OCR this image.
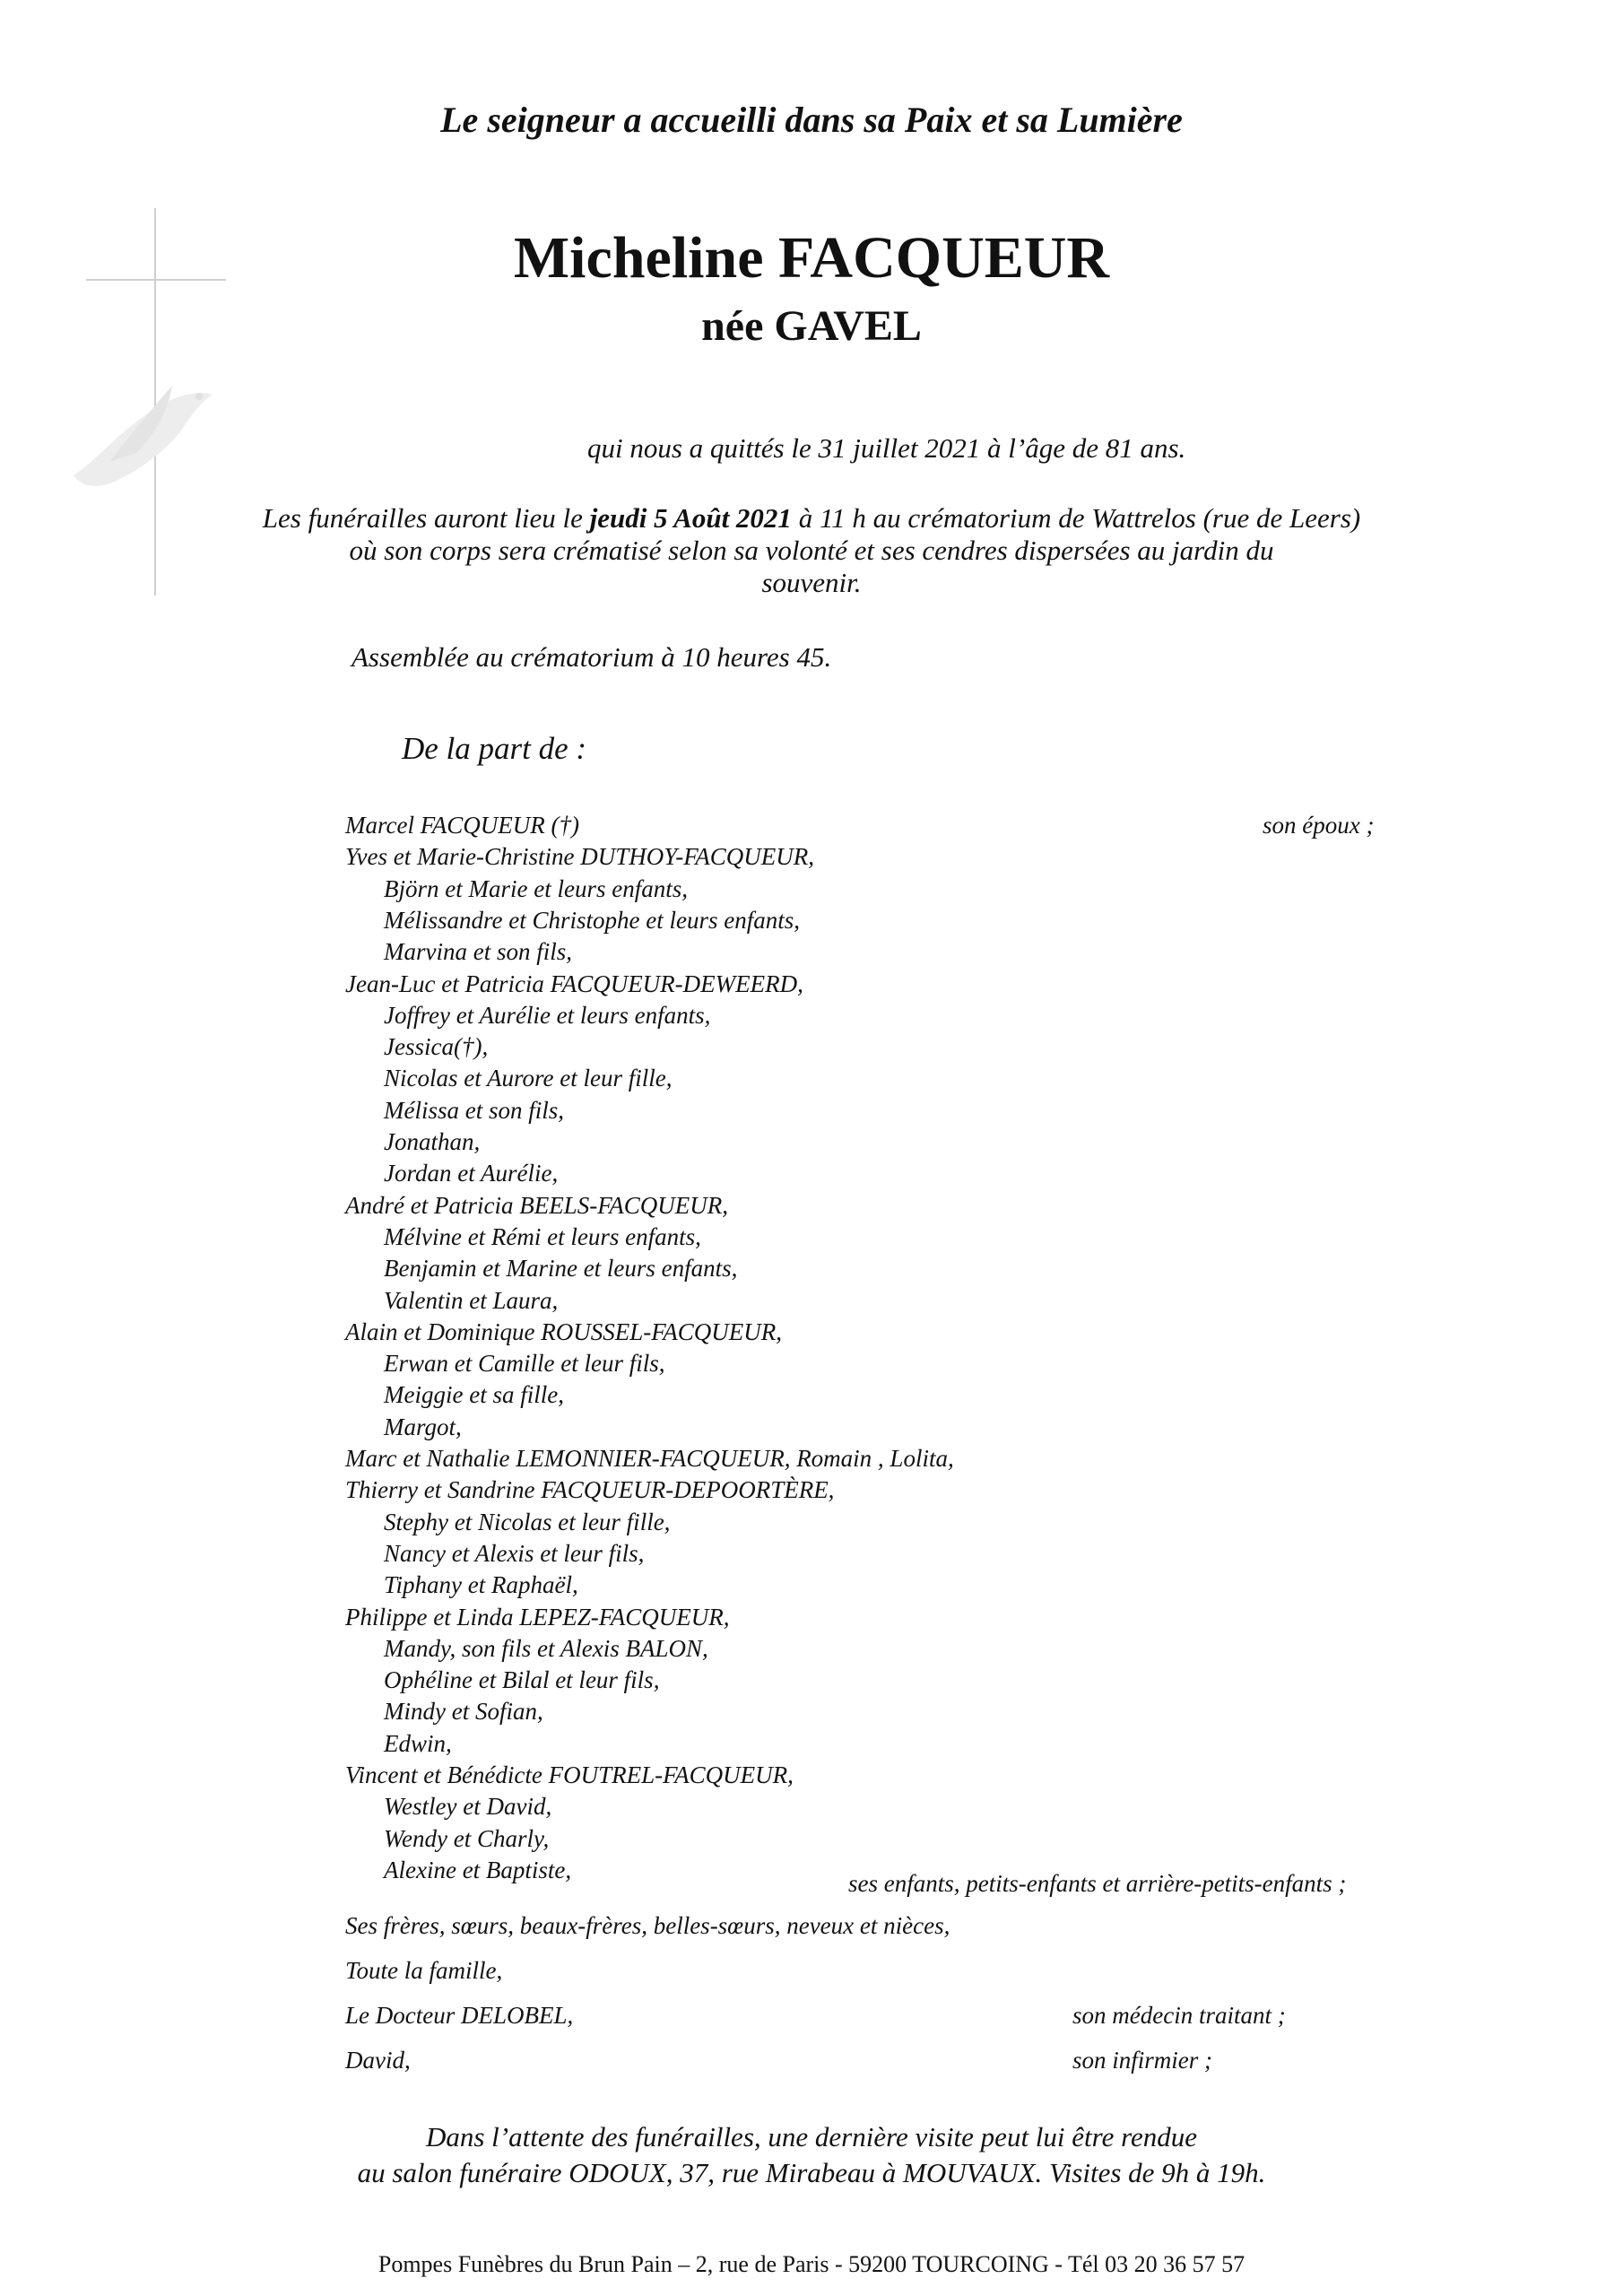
Le seigneur a accueilli dans sa Paix et sa Lumière
Micheline FACQUEUR
née GAVEL
qui nous a quittés le 31 juillet 2021 à l’âge de 81 ans.
Les funérailles auront lieu le jeudi 5 Août 2021 à 11 h au crématorium de Wattrelos (rue de Leers)
où son corps sera crématisé selon sa volonté et ses cendres dispersées au jardin du
souvenir.
Assemblée au crématorium à 10 heures 45.
De la part de :
Marcel FACQUEUR (†)
Yves et Marie-Christine DUTHOY-FACQUEUR,
Björn et Marie et leurs enfants,
Mélissandre et Christophe et leurs enfants,
Marvina et son fils,
Jean-Luc et Patricia FACQUEUR-DEWEERD,
Joffrey et Aurélie et leurs enfants,
Jessica(†),
Nicolas et Aurore et leur fille,
Mélissa et son fils,
Jonathan,
Jordan et Aurélie,
André et Patricia BEELS-FACQUEUR,
Mélvine et Rémi et leurs enfants,
Benjamin et Marine et leurs enfants,
Valentin et Laura,
Alain et Dominique ROUSSEL-FACQUEUR,
Erwan et Camille et leur fils,
Meiggie et sa fille,
Margot,
Marc et Nathalie LEMONNIER-FACQUEUR, Romain , Lolita,
Thierry et Sandrine FACQUEUR-DEPOORTÈRE,
Stephy et Nicolas et leur fille,
Nancy et Alexis et leur fils,
Tiphany et Raphaël,
Philippe et Linda LEPEZ-FACQUEUR,
Mandy, son fils et Alexis BALON,
Ophéline et Bilal et leur fils,
Mindy et Sofian,
Edwin,
Vincent et Bénédicte FOUTREL-FACQUEUR,
Westley et David,
Wendy et Charly,
Alexine et Baptiste,
son époux ;
ses enfants, petits-enfants et arrière-petits-enfants ;
Ses frères, sœurs, beaux-frères, belles-sœurs, neveux et nièces,
Toute la famille,
Le Docteur DELOBEL,	son médecin traitant ;
David,	son infirmier ;
Dans l’attente des funérailles, une dernière visite peut lui être rendue
au salon funéraire ODOUX, 37, rue Mirabeau à MOUVAUX. Visites de 9h à 19h.
Pompes Funèbres du Brun Pain – 2, rue de Paris - 59200 TOURCOING - Tél 03 20 36 57 57
